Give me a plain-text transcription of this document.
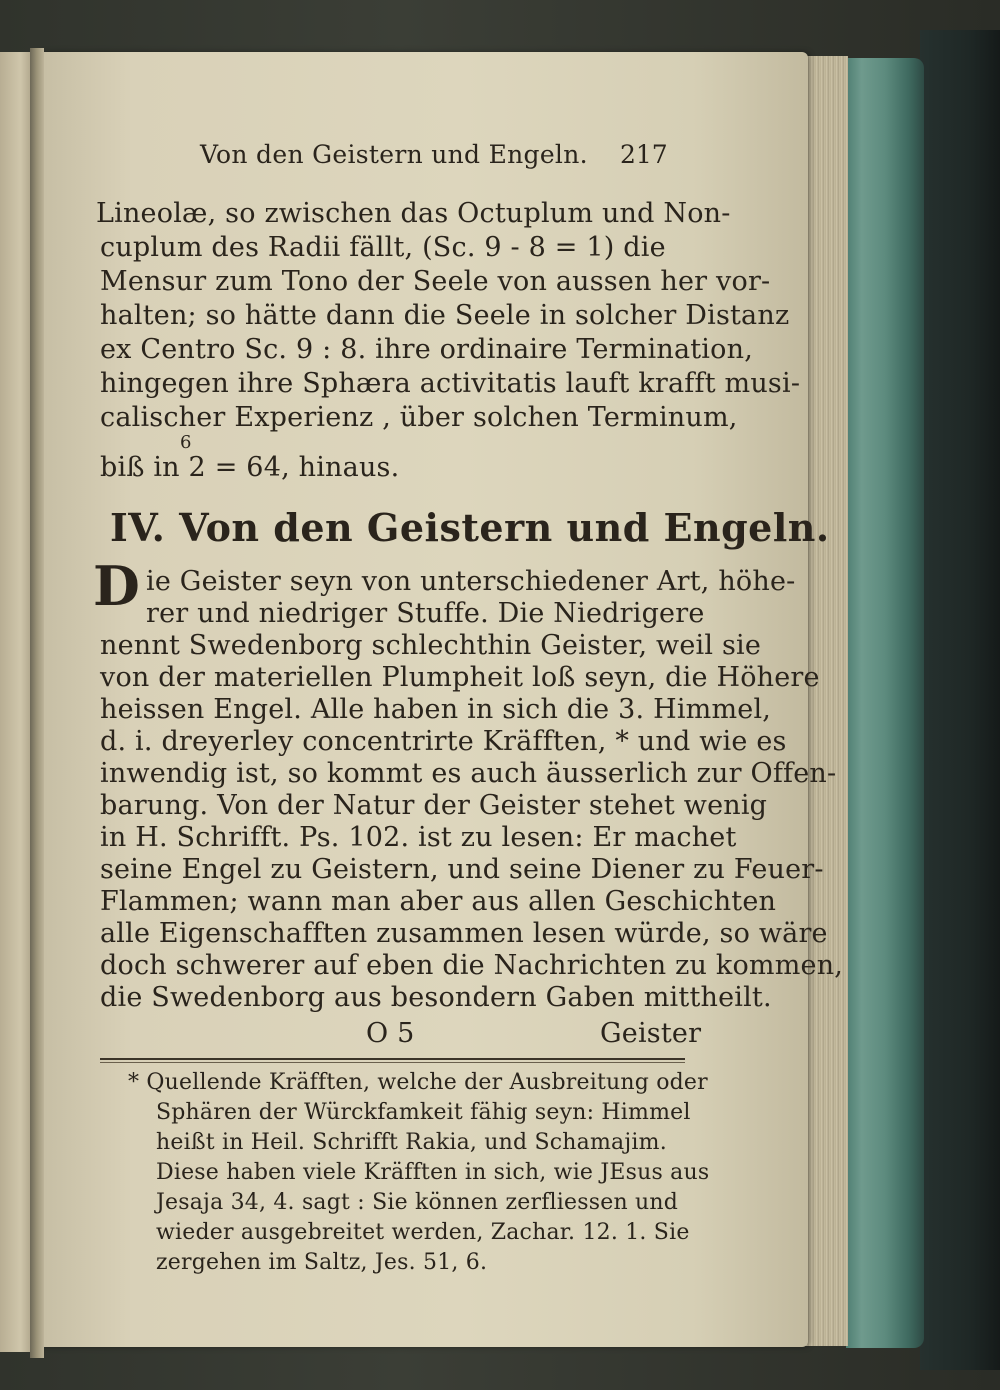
Von den Geistern und Engeln. 217
Lineolæ, so zwischen das Octuplum und Non-
cuplum des Radii fällt, (Sc. 9 - 8 = 1) die
Mensur zum Tono der Seele von aussen her vor-
halten; so hätte dann die Seele in solcher Distanz
ex Centro Sc. 9 : 8. ihre ordinaire Termination,
hingegen ihre Sphæra activitatis lauft krafft musi-
calischer Experienz , über solchen Terminum,
6
biß in 2 = 64, hinaus.
IV. Von den Geistern und Engeln.
D ie Geister seyn von unterschiedener Art, höhe-
rer und niedriger Stuffe. Die Niedrigere
nennt Swedenborg schlechthin Geister, weil sie
von der materiellen Plumpheit loß seyn, die Höhere
heissen Engel. Alle haben in sich die 3. Himmel,
d. i. dreyerley concentrirte Kräfften, * und wie es
inwendig ist, so kommt es auch äusserlich zur Offen-
barung. Von der Natur der Geister stehet wenig
in H. Schrifft. Ps. 102. ist zu lesen: Er machet
seine Engel zu Geistern, und seine Diener zu Feuer-
Flammen; wann man aber aus allen Geschichten
alle Eigenschafften zusammen lesen würde, so wäre
doch schwerer auf eben die Nachrichten zu kommen,
die Swedenborg aus besondern Gaben mittheilt.
O 5	Geister
* Quellende Kräfften, welche der Ausbreitung oder
Sphären der Würckfamkeit fähig seyn: Himmel
heißt in Heil. Schrifft Rakia, und Schamajim.
Diese haben viele Kräfften in sich, wie JEsus aus
Jesaja 34, 4. sagt : Sie können zerfliessen und
wieder ausgebreitet werden, Zachar. 12. 1. Sie
zergehen im Saltz, Jes. 51, 6.
